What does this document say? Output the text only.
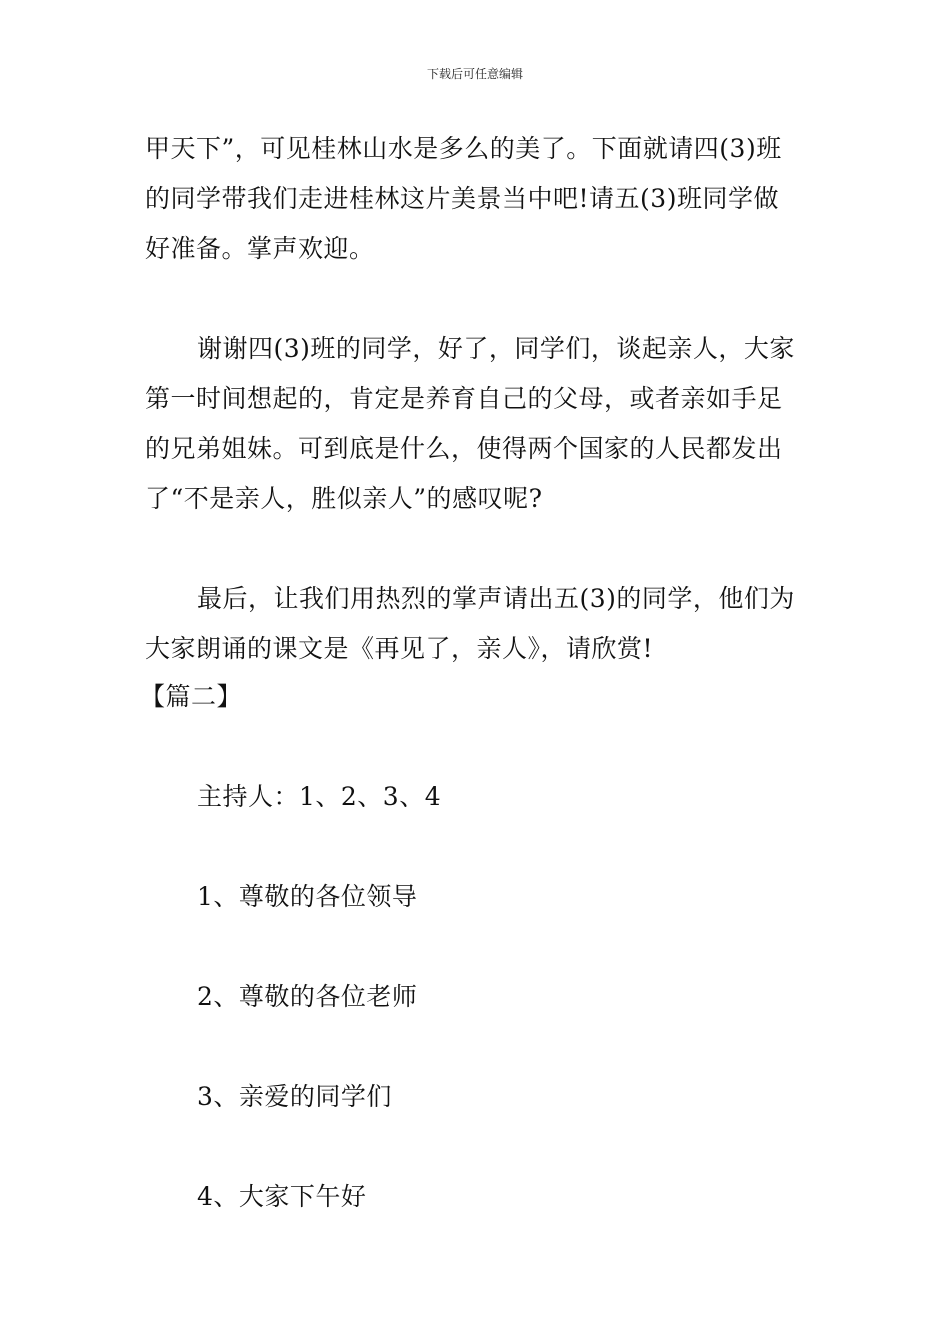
下载后可任意编辑
甲天下”，可见桂林山水是多么的美了。下面就请四(3)班
的同学带我们走进桂林这片美景当中吧!请五(3)班同学做
好准备。掌声欢迎。
谢谢四(3)班的同学，好了，同学们，谈起亲人，大家
第一时间想起的，肯定是养育自己的父母，或者亲如手足
的兄弟姐妹。可到底是什么，使得两个国家的人民都发出
了“不是亲人，胜似亲人”的感叹呢?
最后，让我们用热烈的掌声请出五(3)的同学，他们为
大家朗诵的课文是《再见了，亲人》，请欣赏!
【篇二】
主持人：1、2、3、4
1、尊敬的各位领导
2、尊敬的各位老师
3、亲爱的同学们
4、大家下午好
